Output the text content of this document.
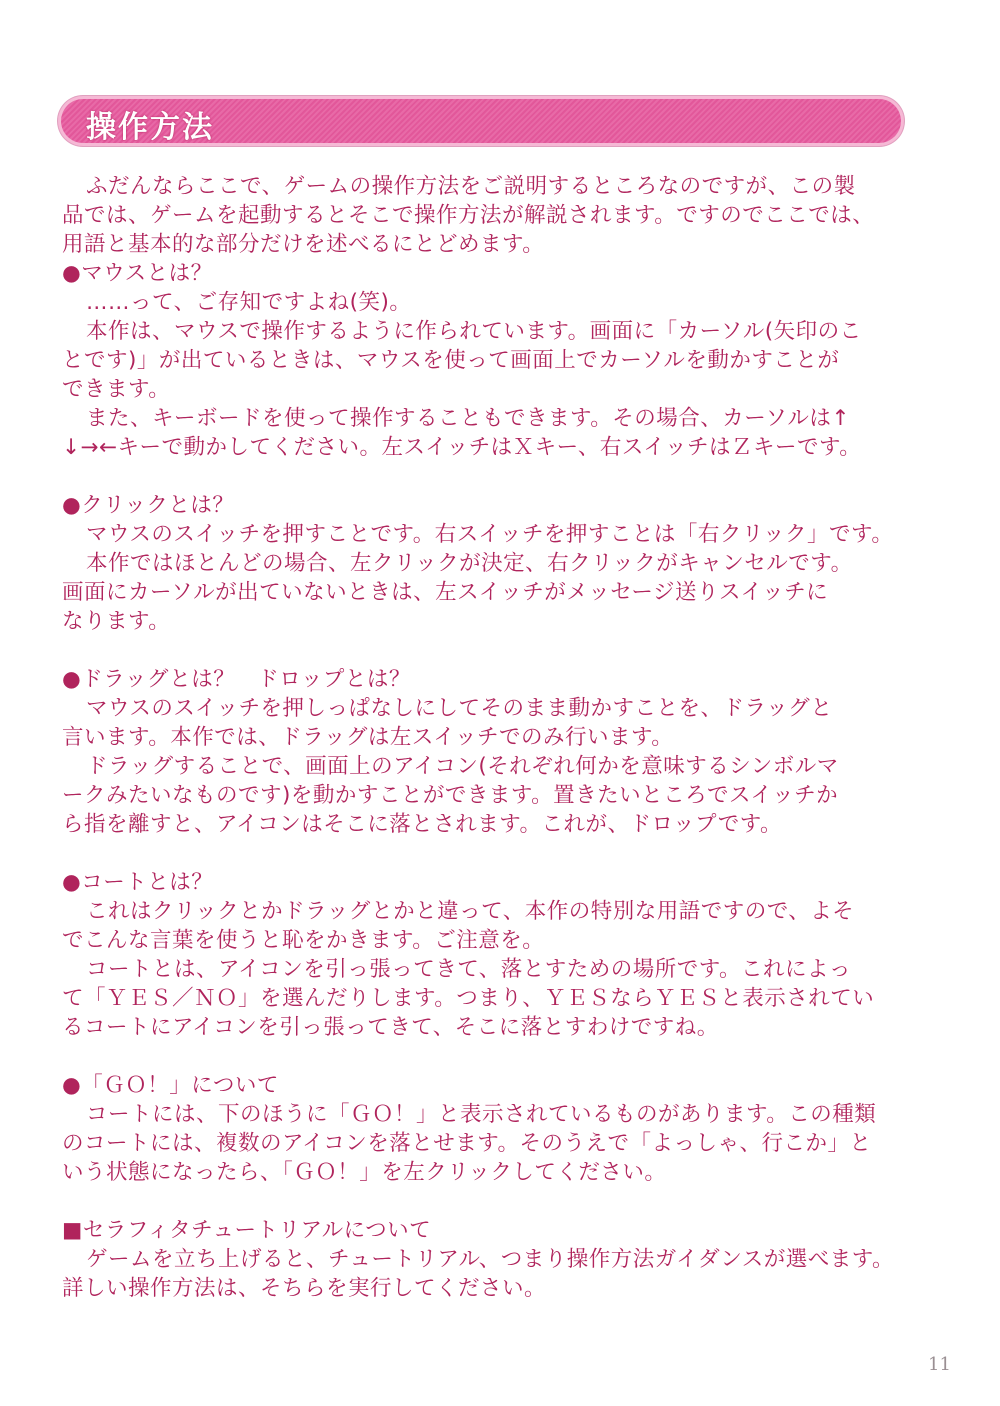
操作方法
ふだんならここで、ゲームの操作方法をご説明するところなのですが、この製
品では、ゲームを起動するとそこで操作方法が解説されます。ですのでここでは、
用語と基本的な部分だけを述べるにとどめます。
●マウスとは？
……って、ご存知ですよね(笑)。
本作は、マウスで操作するように作られています。画面に「カーソル(矢印のこ
とです)」が出ているときは、マウスを使って画面上でカーソルを動かすことが
できます。
また、キーボードを使って操作することもできます。その場合、カーソルは↑
↓→←キーで動かしてください。左スイッチはＸキー、右スイッチはＺキーです。
●クリックとは？
マウスのスイッチを押すことです。右スイッチを押すことは「右クリック」です。
本作ではほとんどの場合、左クリックが決定、右クリックがキャンセルです。
画面にカーソルが出ていないときは、左スイッチがメッセージ送りスイッチに
なります。
●ドラッグとは？　ドロップとは？
マウスのスイッチを押しっぱなしにしてそのまま動かすことを、ドラッグと
言います。本作では、ドラッグは左スイッチでのみ行います。
ドラッグすることで、画面上のアイコン(それぞれ何かを意味するシンボルマ
ークみたいなものです)を動かすことができます。置きたいところでスイッチか
ら指を離すと、アイコンはそこに落とされます。これが、ドロップです。
●コートとは？
これはクリックとかドラッグとかと違って、本作の特別な用語ですので、よそ
でこんな言葉を使うと恥をかきます。ご注意を。
コートとは、アイコンを引っ張ってきて、落とすための場所です。これによっ
て「ＹＥＳ／ＮＯ」を選んだりします。つまり、ＹＥＳならＹＥＳと表示されてい
るコートにアイコンを引っ張ってきて、そこに落とすわけですね。
●「ＧＯ！」について
コートには、下のほうに「ＧＯ！」と表示されているものがあります。この種類
のコートには、複数のアイコンを落とせます。そのうえで「よっしゃ、行こか」と
いう状態になったら、「ＧＯ！」を左クリックしてください。
■セラフィタチュートリアルについて
ゲームを立ち上げると、チュートリアル、つまり操作方法ガイダンスが選べます。
詳しい操作方法は、そちらを実行してください。
11
